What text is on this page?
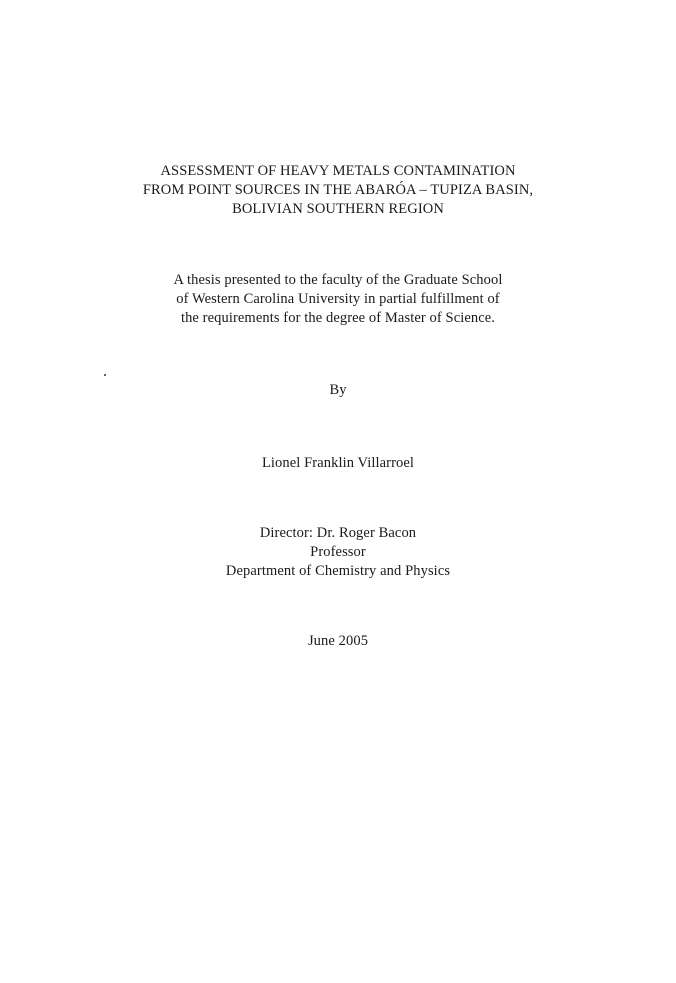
ASSESSMENT OF HEAVY METALS CONTAMINATION
FROM POINT SOURCES IN THE ABARÓA – TUPIZA BASIN,
BOLIVIAN SOUTHERN REGION
A thesis presented to the faculty of the Graduate School
of Western Carolina University in partial fulfillment of
the requirements for the degree of Master of Science.
By
Lionel Franklin Villarroel
Director: Dr. Roger Bacon
Professor
Department of Chemistry and Physics
June 2005
